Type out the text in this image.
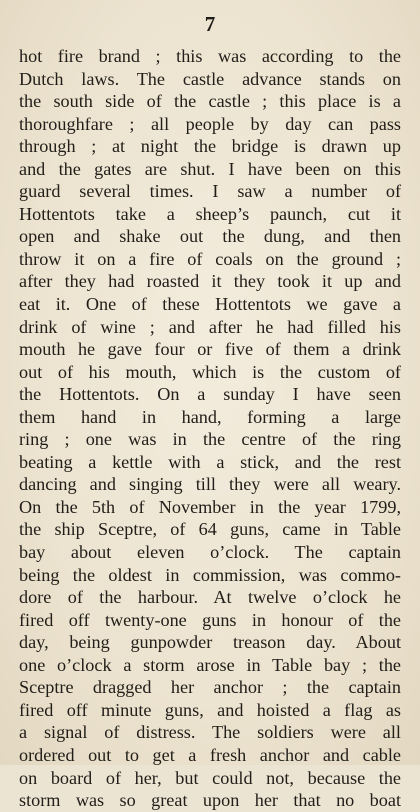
7
hot fire brand ; this was according to the
Dutch laws. The castle advance stands on
the south side of the castle ; this place is a
thoroughfare ; all people by day can pass
through ; at night the bridge is drawn up
and the gates are shut. I have been on this
guard several times. I saw a number of
Hottentots take a sheep’s paunch, cut it
open and shake out the dung, and then
throw it on a fire of coals on the ground ;
after they had roasted it they took it up and
eat it. One of these Hottentots we gave a
drink of wine ; and after he had filled his
mouth he gave four or five of them a drink
out of his mouth, which is the custom of
the Hottentots. On a sunday I have seen
them hand in hand, forming a large
ring ; one was in the centre of the ring
beating a kettle with a stick, and the rest
dancing and singing till they were all weary.
On the 5th of November in the year 1799,
the ship Sceptre, of 64 guns, came in Table
bay about eleven o’clock. The captain
being the oldest in commission, was commo-
dore of the harbour. At twelve o’clock he
fired off twenty-one guns in honour of the
day, being gunpowder treason day. About
one o’clock a storm arose in Table bay ; the
Sceptre dragged her anchor ; the captain
fired off minute guns, and hoisted a flag as
a signal of distress. The soldiers were all
ordered out to get a fresh anchor and cable
on board of her, but could not, because the
storm was so great upon her that no boat
